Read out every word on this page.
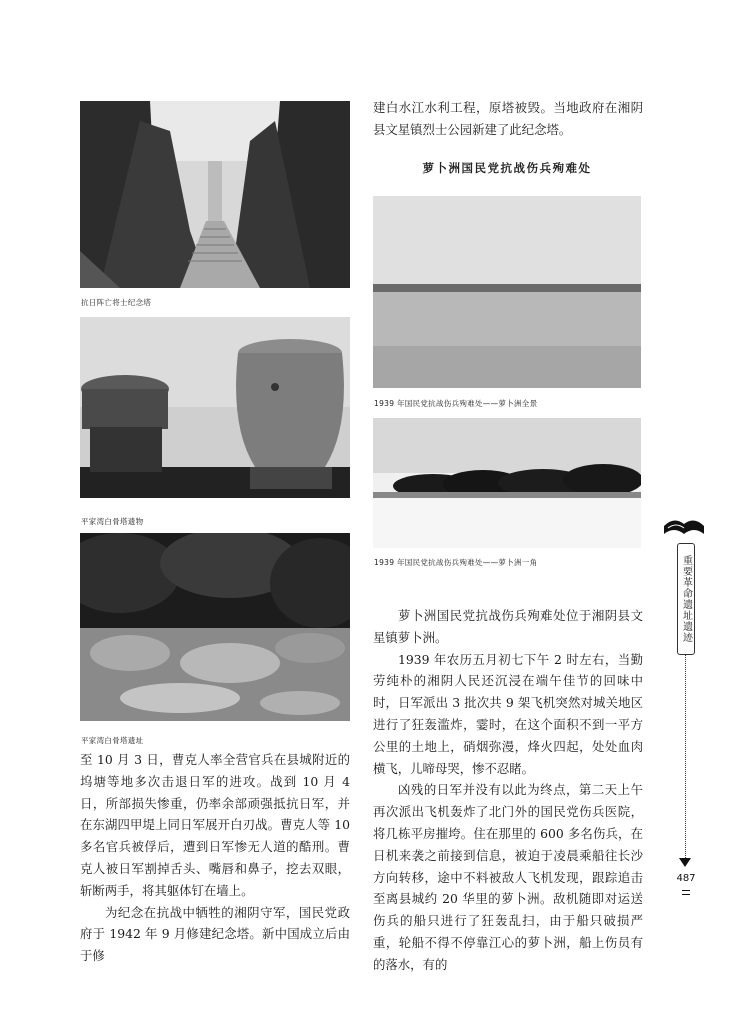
抗日阵亡将士纪念塔
平家湾白骨塔遗物
平家湾白骨塔遗址

至 10 月 3 日，曹克人率全营官兵在县城附近的坞塘等地多次击退日军的进攻。战到 10 月 4 日，所部损失惨重，仍率余部顽强抵抗日军，并在东湖四甲堤上同日军展开白刃战。曹克人等 10 多名官兵被俘后，遭到日军惨无人道的酷刑。曹克人被日军割掉舌头、嘴唇和鼻子，挖去双眼，斩断两手，将其躯体钉在墙上。

为纪念在抗战中牺牲的湘阴守军，国民党政府于 1942 年 9 月修建纪念塔。新中国成立后由于修

建白水江水利工程，原塔被毁。当地政府在湘阴县文星镇烈士公园新建了此纪念塔。

萝卜洲国民党抗战伤兵殉难处
1939 年国民党抗战伤兵殉难处——萝卜洲全景
1939 年国民党抗战伤兵殉难处——萝卜洲一角

萝卜洲国民党抗战伤兵殉难处位于湘阴县文星镇萝卜洲。

1939 年农历五月初七下午 2 时左右，当勤劳纯朴的湘阴人民还沉浸在端午佳节的回味中时，日军派出 3 批次共 9 架飞机突然对城关地区进行了狂轰滥炸，霎时，在这个面积不到一平方公里的土地上，硝烟弥漫，烽火四起，处处血肉横飞，儿啼母哭，惨不忍睹。

凶残的日军并没有以此为终点，第二天上午再次派出飞机轰炸了北门外的国民党伤兵医院，将几栋平房摧垮。住在那里的 600 多名伤兵，在日机来袭之前接到信息，被迫于凌晨乘船往长沙方向转移，途中不料被敌人飞机发现，跟踪追击至离县城约 20 华里的萝卜洲。敌机随即对运送伤兵的船只进行了狂轰乱扫，由于船只破损严重，轮船不得不停靠江心的萝卜洲，船上伤员有的落水，有的

重要革命遗址遗迹
487
